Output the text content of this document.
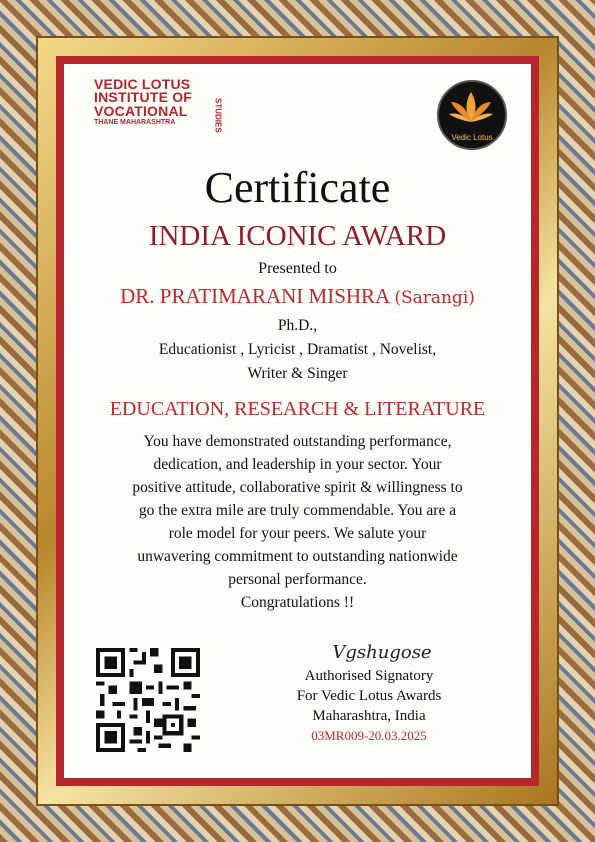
VEDIC LOTUS
INSTITUTE OF
VOCATIONAL
THANE MAHARASHTRA	STUDIES
Vedic Lotus
Certificate
INDIA ICONIC AWARD
Presented to
DR. PRATIMARANI MISHRA (Sarangi)
Ph.D.,
Educationist , Lyricist , Dramatist , Novelist,
Writer & Singer
EDUCATION, RESEARCH & LITERATURE
You have demonstrated outstanding performance,
dedication, and leadership in your sector. Your
positive attitude, collaborative spirit & willingness to
go the extra mile are truly commendable. You are a
role model for your peers. We salute your
unwavering commitment to outstanding nationwide
personal performance.
Congratulations !!
Vgshugose
Authorised Signatory
For Vedic Lotus Awards
Maharashtra, India
03MR009-20.03.2025
